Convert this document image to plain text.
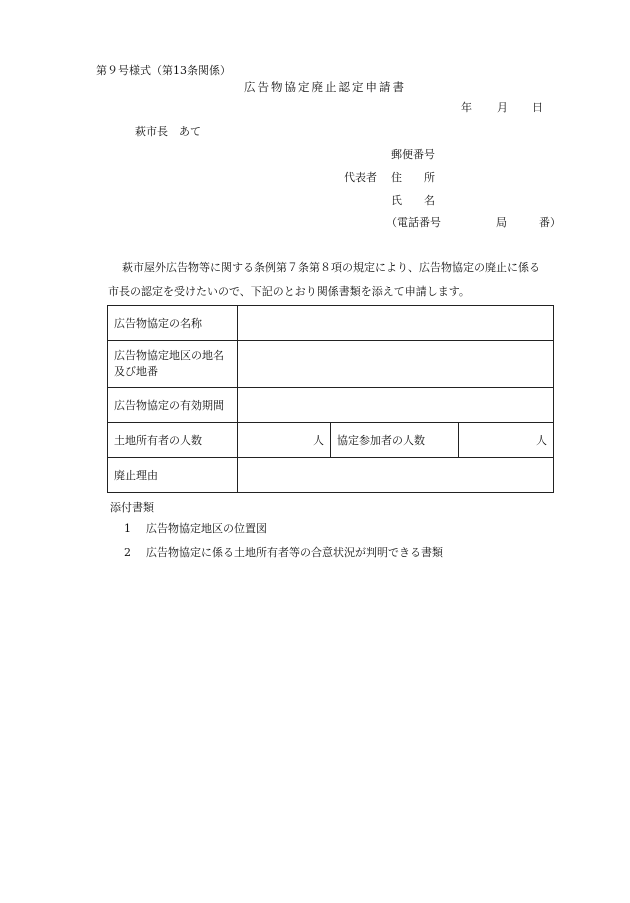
第９号様式（第13条関係）
広告物協定廃止認定申請書
年 月 日
萩市長　あて
郵便番号
代表者 住　　所
氏　　名
（電話番号	局	番）
萩市屋外広告物等に関する条例第７条第８項の規定により、広告物協定の廃止に係る
市長の認定を受けたいので、下記のとおり関係書類を添えて申請します。
広告物協定の名称			

広告物協定地区の地名
及び地番			

広告物協定の有効期間			
土地所有者の人数	人	協定参加者の人数	人
廃止理由			
添付書類
1 広告物協定地区の位置図
2 広告物協定に係る土地所有者等の合意状況が判明できる書類
